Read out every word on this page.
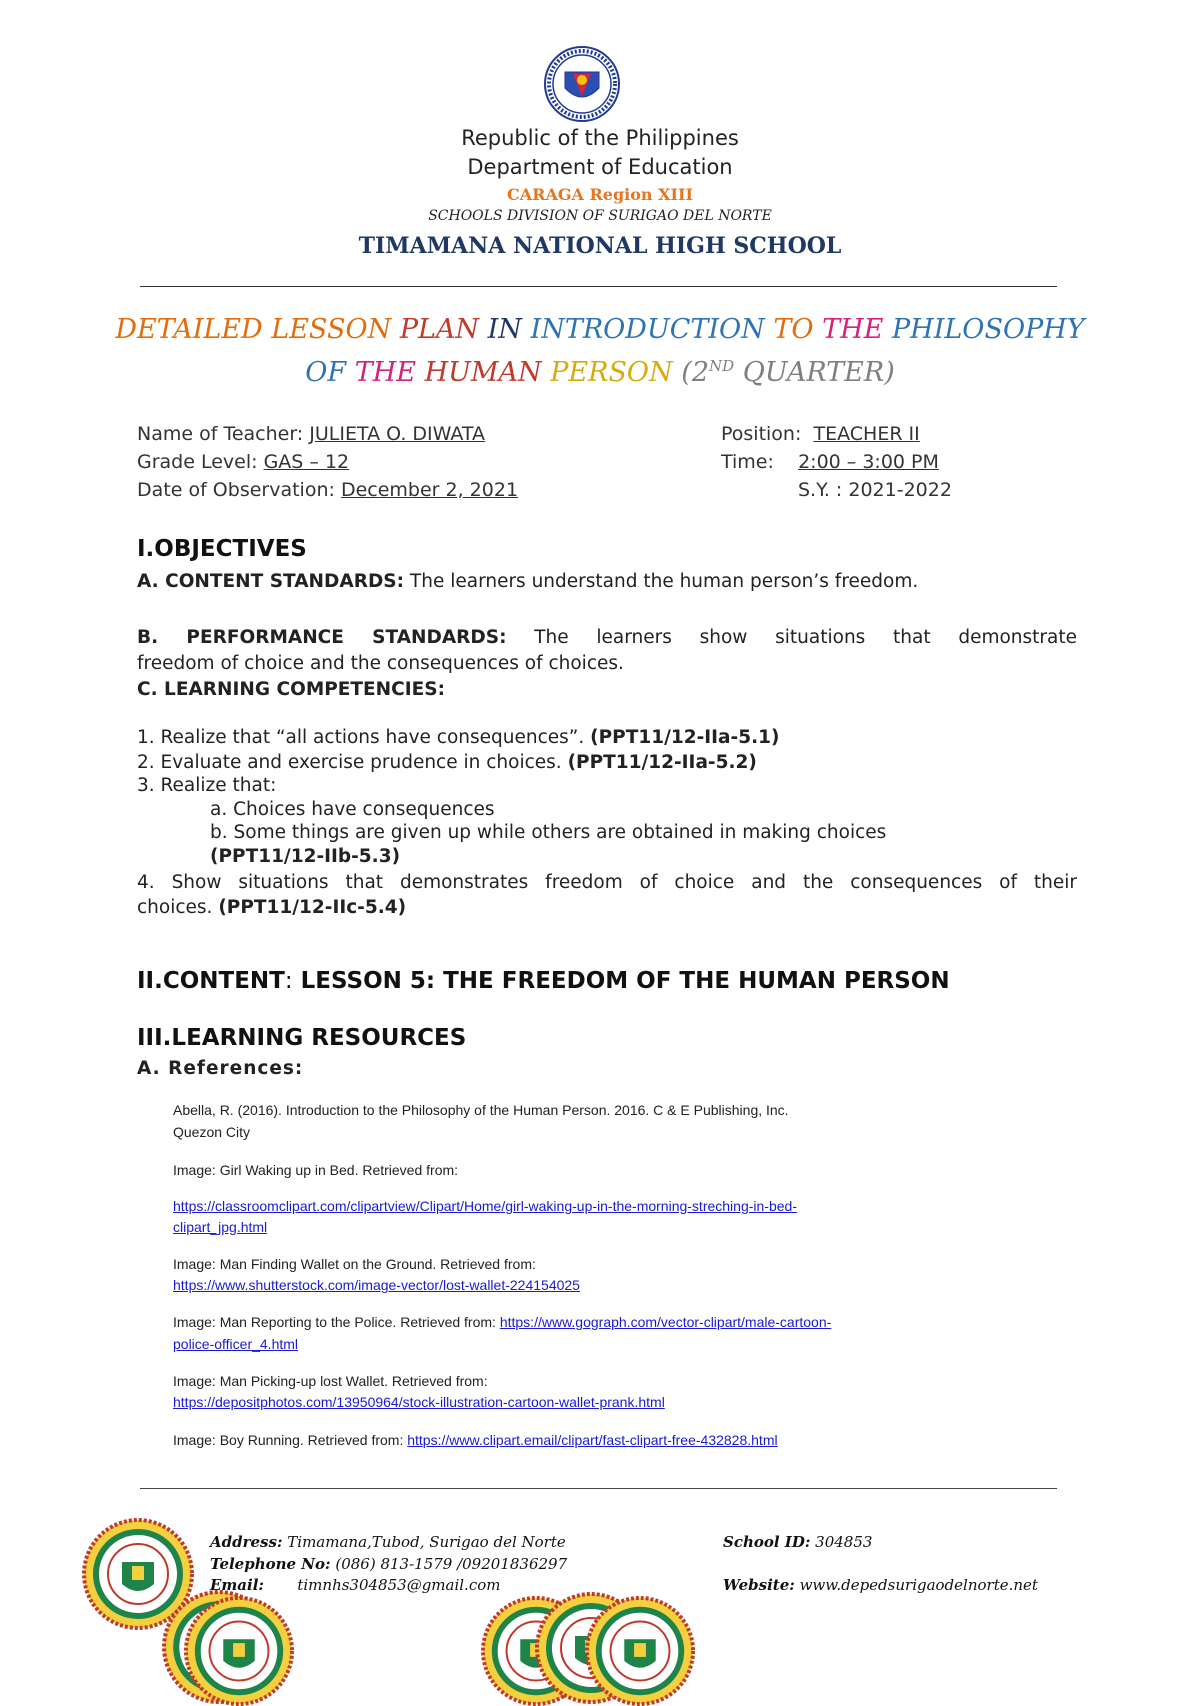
Republic of the Philippines
Department of Education
CARAGA Region XIII
SCHOOLS DIVISION OF SURIGAO DEL NORTE
TIMAMANA NATIONAL HIGH SCHOOL
DETAILED LESSON PLAN IN INTRODUCTION TO THE PHILOSOPHY
OF THE HUMAN PERSON (2ND QUARTER)
Name of Teacher: JULIETA O. DIWATA	Position: TEACHER II
Grade Level: GAS – 12	Time: 2:00 – 3:00 PM
Date of Observation: December 2, 2021	S.Y. : 2021-2022
I.OBJECTIVES
A. CONTENT STANDARDS: The learners understand the human person’s freedom.
B. PERFORMANCE STANDARDS: The learners show situations that demonstrate
freedom of choice and the consequences of choices.
C. LEARNING COMPETENCIES:
1. Realize that “all actions have consequences”. (PPT11/12-IIa-5.1)
2. Evaluate and exercise prudence in choices. (PPT11/12-IIa-5.2)
3. Realize that:
a. Choices have consequences
b. Some things are given up while others are obtained in making choices
(PPT11/12-IIb-5.3)
4. Show situations that demonstrates freedom of choice and the consequences of their
choices. (PPT11/12-IIc-5.4)
II.CONTENT: LESSON 5: THE FREEDOM OF THE HUMAN PERSON
III.LEARNING RESOURCES
A. References:
Abella, R. (2016). Introduction to the Philosophy of the Human Person. 2016. C & E Publishing, Inc.
Quezon City
Image: Girl Waking up in Bed. Retrieved from:
https://classroomclipart.com/clipartview/Clipart/Home/girl-waking-up-in-the-morning-streching-in-bed-
clipart_jpg.html
Image: Man Finding Wallet on the Ground. Retrieved from:
https://www.shutterstock.com/image-vector/lost-wallet-224154025
Image: Man Reporting to the Police. Retrieved from: https://www.gograph.com/vector-clipart/male-cartoon-
police-officer_4.html
Image: Man Picking-up lost Wallet. Retrieved from:
https://depositphotos.com/13950964/stock-illustration-cartoon-wallet-prank.html
Image: Boy Running. Retrieved from: https://www.clipart.email/clipart/fast-clipart-free-432828.html
Address: Timamana,Tubod, Surigao del Norte
Telephone No: (086) 813-1579 /09201836297
Email: timnhs304853@gmail.com
School ID: 304853
Website: www.depedsurigaodelnorte.net
